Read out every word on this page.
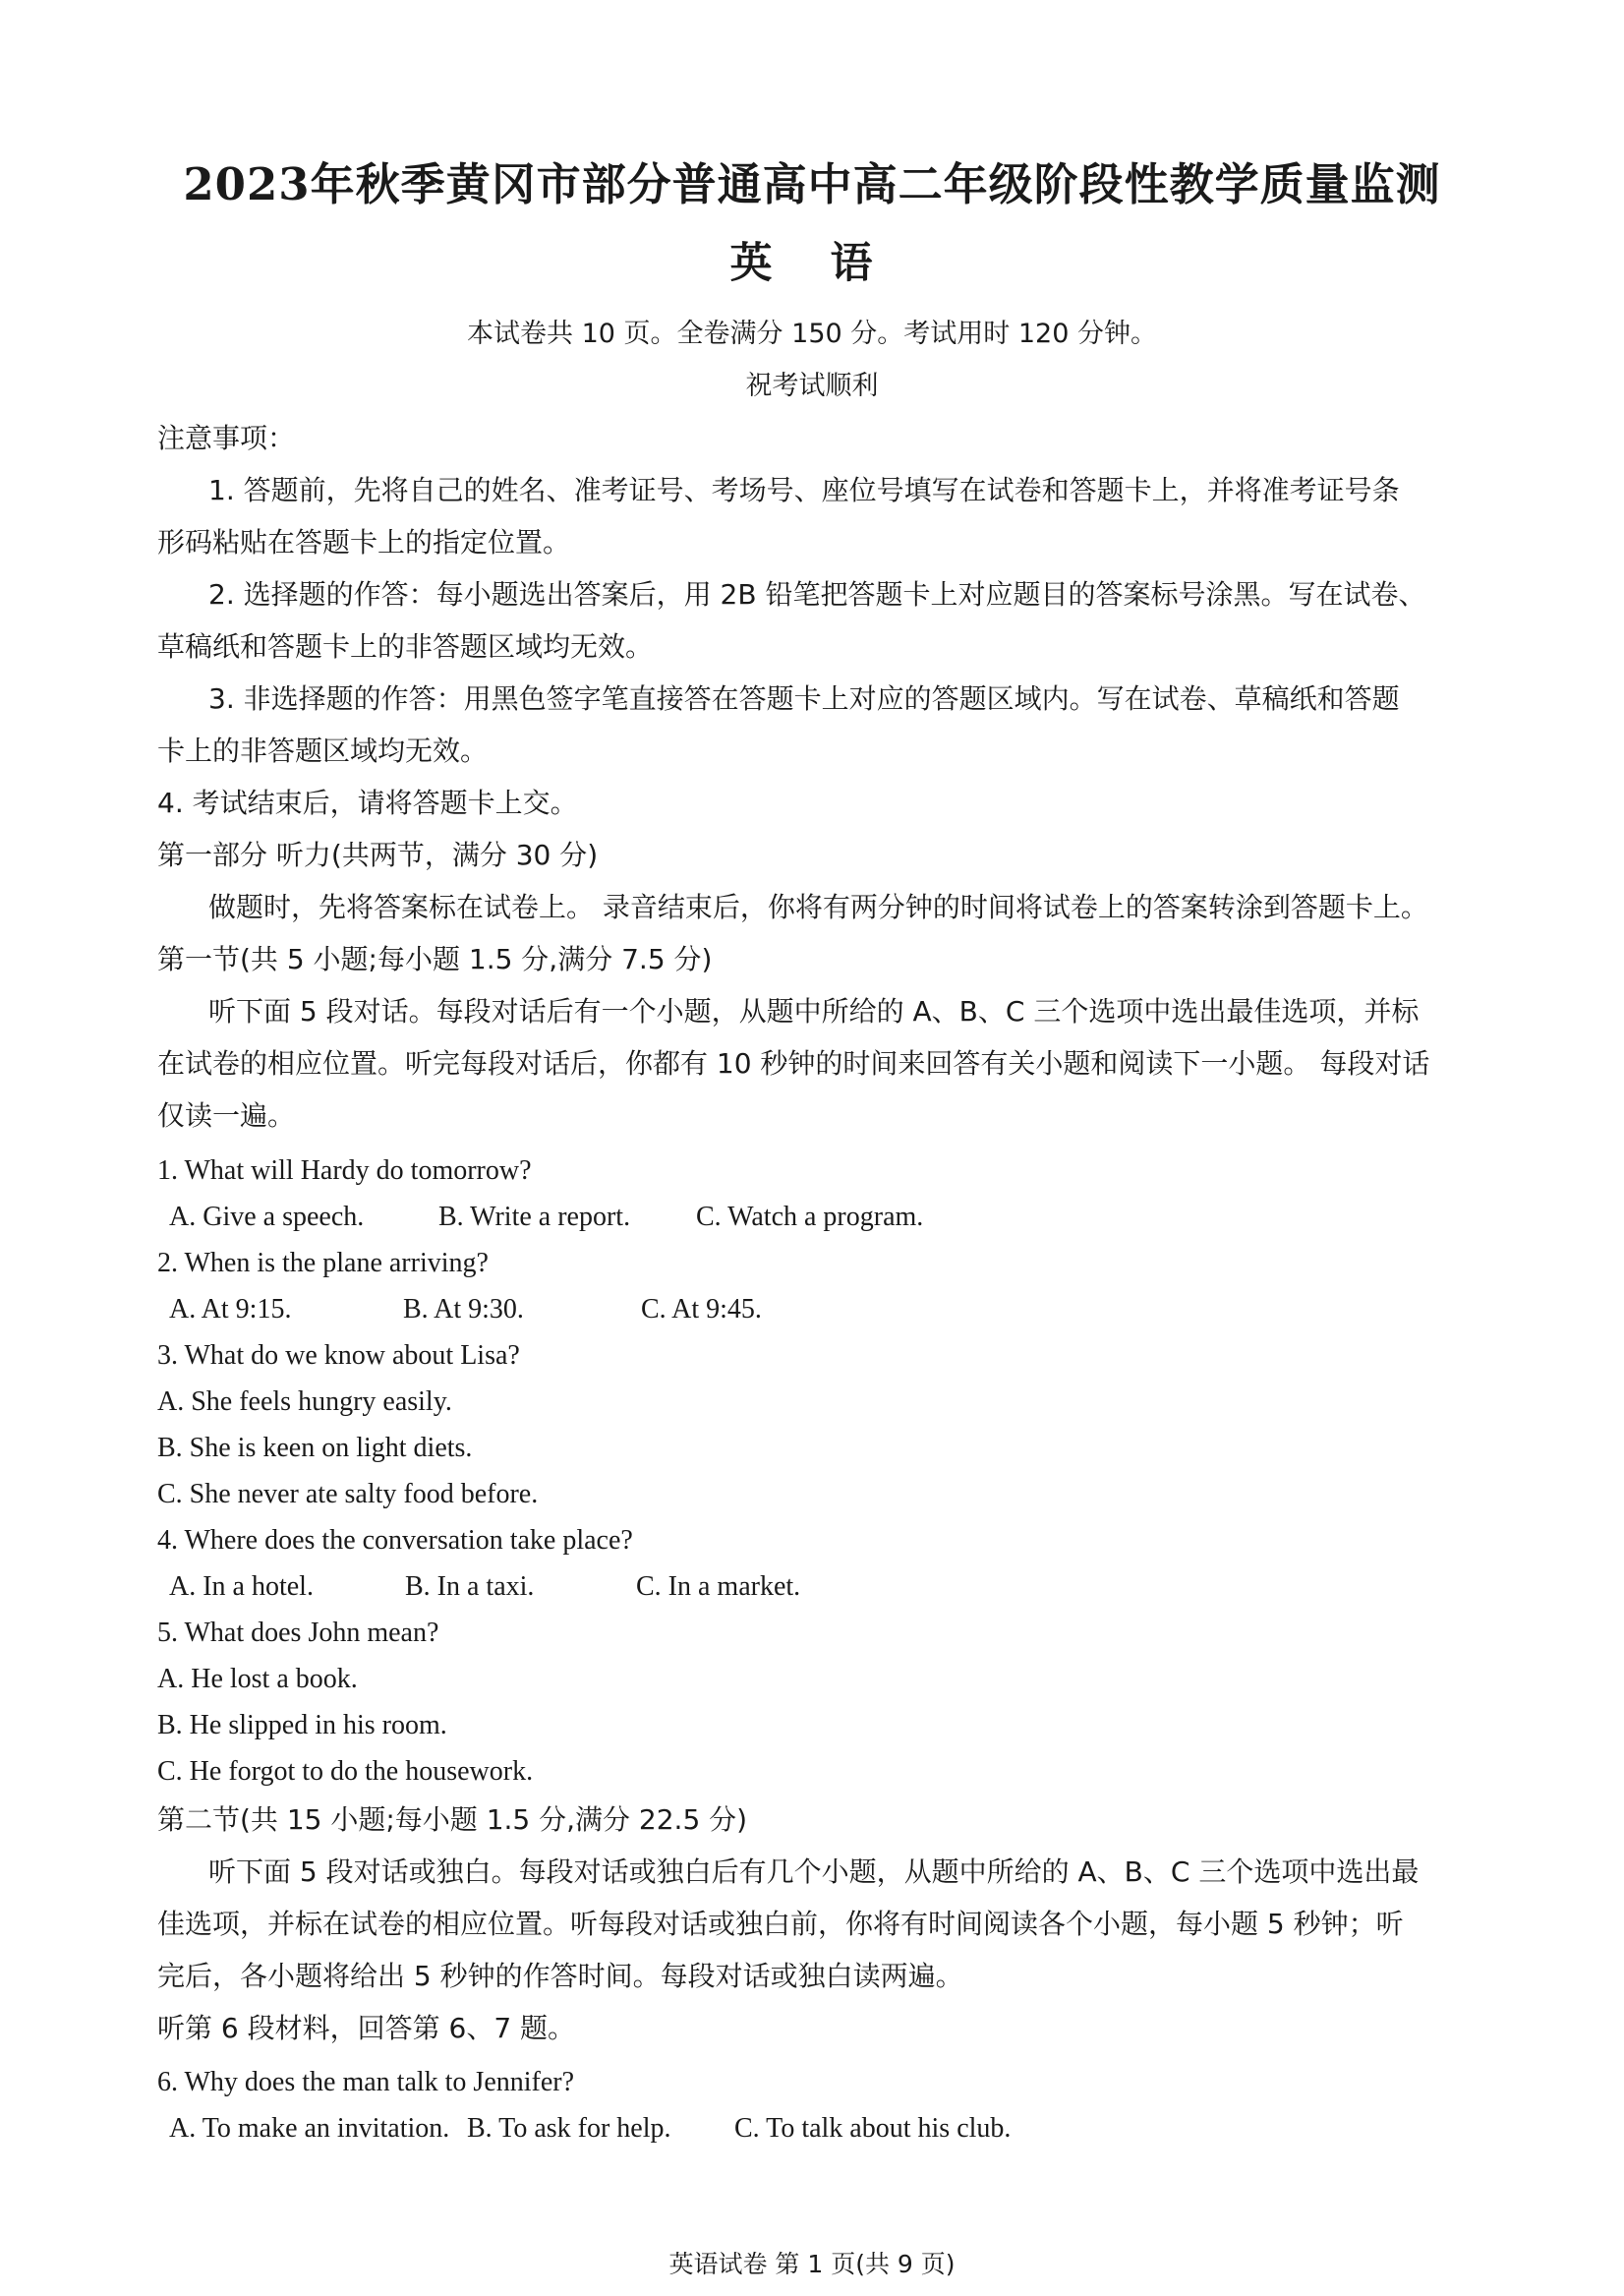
2023年秋季黄冈市部分普通高中高二年级阶段性教学质量监测
英 语
本试卷共 10 页。全卷满分 150 分。考试用时 120 分钟。
祝考试顺利
注意事项：
1. 答题前，先将自己的姓名、准考证号、考场号、座位号填写在试卷和答题卡上，并将准考证号条
形码粘贴在答题卡上的指定位置。
2. 选择题的作答：每小题选出答案后，用 2B 铅笔把答题卡上对应题目的答案标号涂黑。写在试卷、
草稿纸和答题卡上的非答题区域均无效。
3. 非选择题的作答：用黑色签字笔直接答在答题卡上对应的答题区域内。写在试卷、草稿纸和答题
卡上的非答题区域均无效。
4. 考试结束后，请将答题卡上交。
第一部分 听力(共两节，满分 30 分)
做题时，先将答案标在试卷上。 录音结束后，你将有两分钟的时间将试卷上的答案转涂到答题卡上。
第一节(共 5 小题;每小题 1.5 分,满分 7.5 分)
听下面 5 段对话。每段对话后有一个小题，从题中所给的 A、B、C 三个选项中选出最佳选项，并标
在试卷的相应位置。听完每段对话后，你都有 10 秒钟的时间来回答有关小题和阅读下一小题。 每段对话
仅读一遍。
1. What will Hardy do tomorrow?
A. Give a speech.	B. Write a report. C. Watch a program.
2. When is the plane arriving?
A. At 9:15.	B. At 9:30.	C. At 9:45.
3. What do we know about Lisa?
A. She feels hungry easily.
B. She is keen on light diets.
C. She never ate salty food before.
4. Where does the conversation take place?
A. In a hotel.	B. In a taxi.	C. In a market.
5. What does John mean?
A. He lost a book.
B. He slipped in his room.
C. He forgot to do the housework.
第二节(共 15 小题;每小题 1.5 分,满分 22.5 分)
听下面 5 段对话或独白。每段对话或独白后有几个小题，从题中所给的 A、B、C 三个选项中选出最
佳选项，并标在试卷的相应位置。听每段对话或独白前，你将有时间阅读各个小题，每小题 5 秒钟；听
完后，各小题将给出 5 秒钟的作答时间。每段对话或独白读两遍。
听第 6 段材料，回答第 6、7 题。
6. Why does the man talk to Jennifer?
A. To make an invitation. B. To ask for help. C. To talk about his club.
英语试卷 第 1 页(共 9 页)
